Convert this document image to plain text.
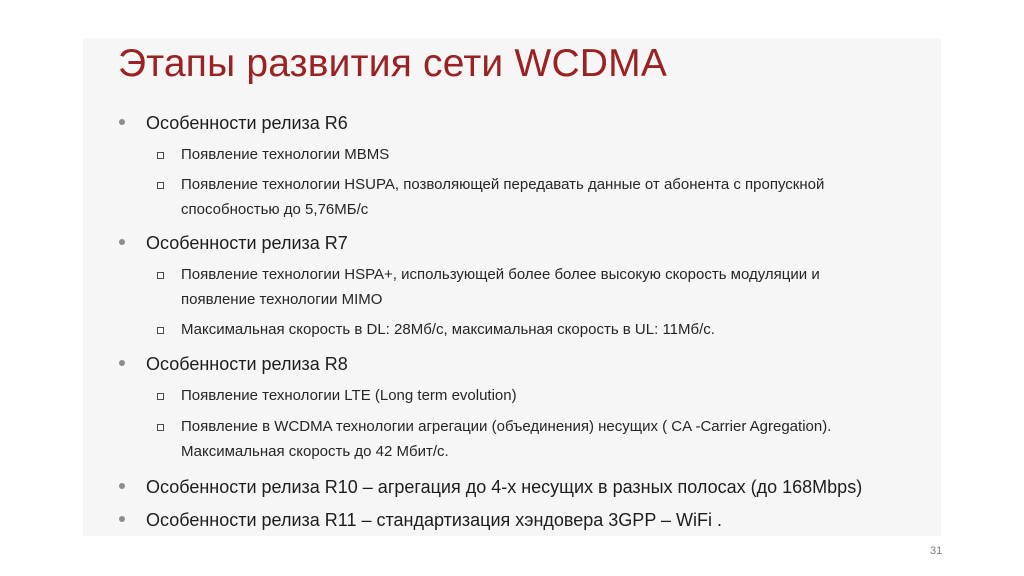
Этапы развития сети WCDMA
Особенности релиза R6
Появление технологии MBMS
Появление технологии HSUPA, позволяющей передавать данные от абонента с пропускной
способностью до 5,76МБ/с
Особенности релиза R7
Появление технологии HSPA+, использующей более более высокую скорость модуляции и
появление технологии MIMO
Максимальная скорость в DL: 28Мб/с, максимальная скорость в UL: 11Мб/с.
Особенности релиза R8
Появление технологии LTE (Long term evolution)
Появление в WCDMA технологии агрегации (объединения) несущих ( CA -Carrier Agregation).
Максимальная скорость до 42 Мбит/с.
Особенности релиза R10 – агрегация до 4-х несущих в разных полосах (до 168Mbps)
Особенности релиза R11 – стандартизация хэндовера 3GPP – WiFi .
31
